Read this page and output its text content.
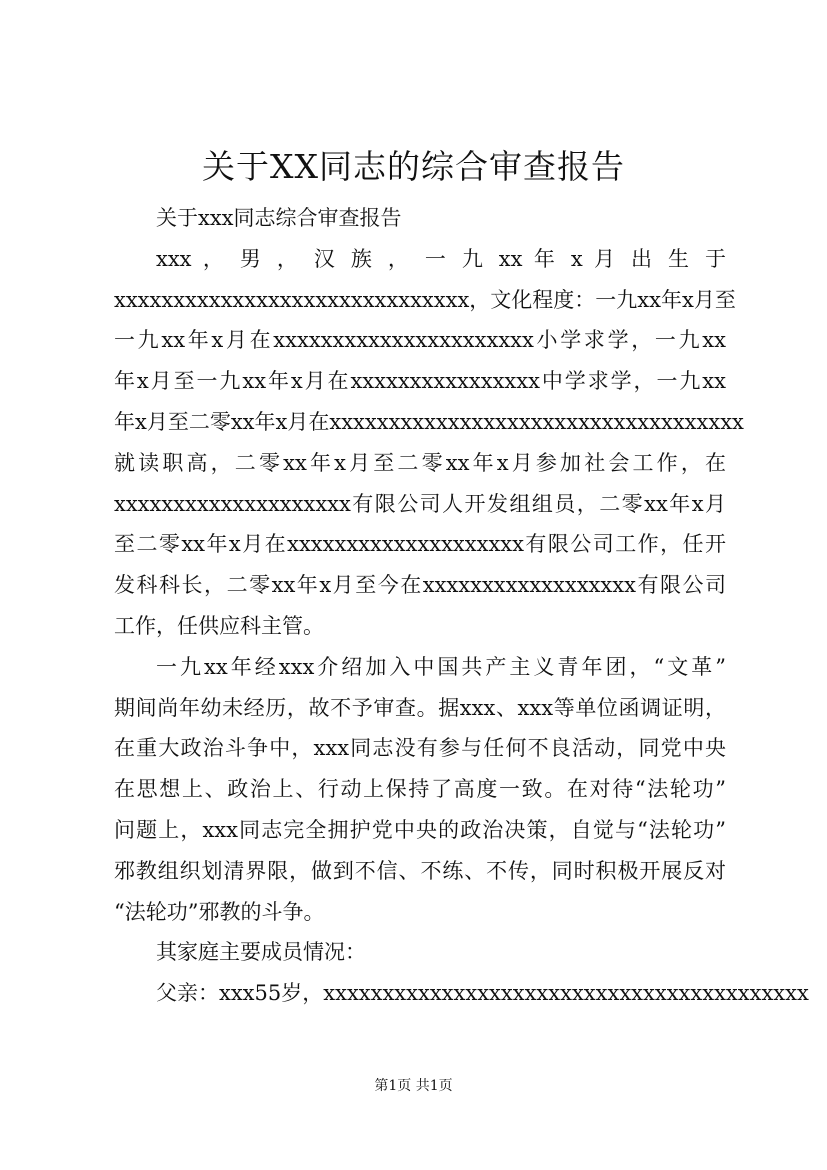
关于XX同志的综合审查报告
关于xxx同志综合审查报告
xxx ， 男 ， 汉 族 ， 一 九 xx 年 x 月 出 生 于
xxxxxxxxxxxxxxxxxxxxxxxxxxxxxx，文化程度：一九xx年x月至
一九xx年x月在xxxxxxxxxxxxxxxxxxxxxx小学求学，一九xx
年x月至一九xx年x月在xxxxxxxxxxxxxxxx中学求学，一九xx
年x月至二零xx年x月在xxxxxxxxxxxxxxxxxxxxxxxxxxxxxxxxxxx
就读职高，二零xx年x月至二零xx年x月参加社会工作，在
xxxxxxxxxxxxxxxxxxxx有限公司人开发组组员，二零xx年x月
至二零xx年x月在xxxxxxxxxxxxxxxxxxxx有限公司工作，任开
发科科长，二零xx年x月至今在xxxxxxxxxxxxxxxxxx有限公司
工作，任供应科主管。
一九xx年经xxx介绍加入中国共产主义青年团，“文革”
期间尚年幼未经历，故不予审查。据xxx、xxx等单位函调证明，
在重大政治斗争中，xxx同志没有参与任何不良活动，同党中央
在思想上、政治上、行动上保持了高度一致。在对待“法轮功”
问题上，xxx同志完全拥护党中央的政治决策，自觉与“法轮功”
邪教组织划清界限，做到不信、不练、不传，同时积极开展反对
“法轮功”邪教的斗争。
其家庭主要成员情况：
父亲：xxx55岁，xxxxxxxxxxxxxxxxxxxxxxxxxxxxxxxxxxxxxxxxx
第1页 共1页
